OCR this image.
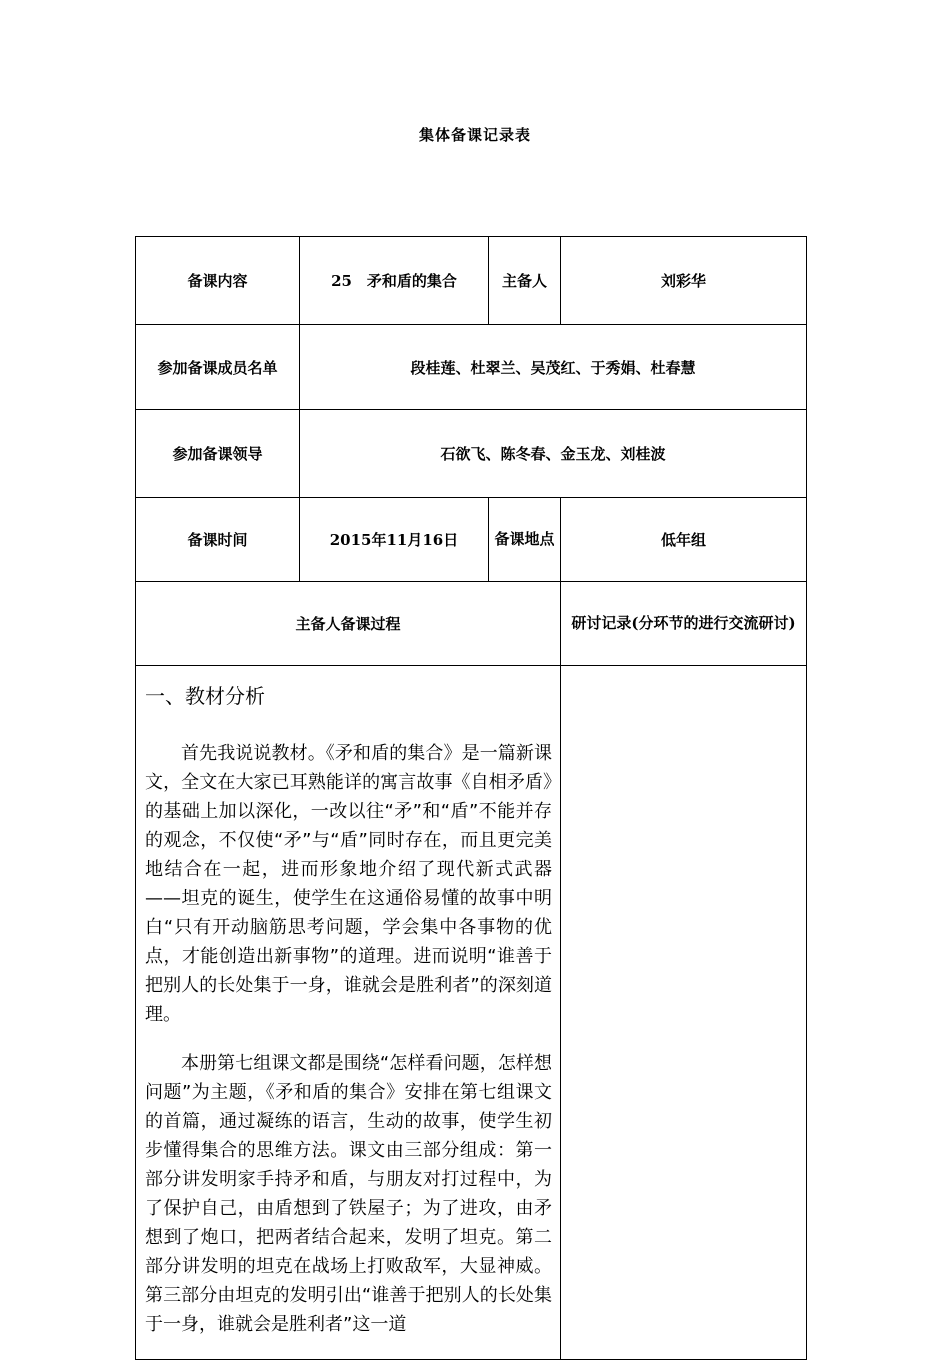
集体备课记录表
备课内容	25　矛和盾的集合	主备人	刘彩华
参加备课成员名单	段桂莲、杜翠兰、吴茂红、于秀娟、杜春慧		
参加备课领导	石欲飞、陈冬春、金玉龙、刘桂波		
备课时间	2015年11月16日	备课地点	低年组
主备人备课过程			研讨记录(分环节的进行交流研讨)

一、教材分析

首先我说说教材。《矛和盾的集合》是一篇新课文，全文在大家已耳熟能详的寓言故事《自相矛盾》的基础上加以深化，一改以往“矛”和“盾”不能并存的观念，不仅使“矛”与“盾”同时存在，而且更完美地结合在一起，进而形象地介绍了现代新式武器——坦克的诞生，使学生在这通俗易懂的故事中明白“只有开动脑筋思考问题，学会集中各事物的优点，才能创造出新事物”的道理。进而说明“谁善于把别人的长处集于一身，谁就会是胜利者”的深刻道理。

本册第七组课文都是围绕“怎样看问题，怎样想问题”为主题，《矛和盾的集合》安排在第七组课文的首篇，通过凝练的语言，生动的故事，使学生初步懂得集合的思维方法。课文由三部分组成：第一部分讲发明家手持矛和盾，与朋友对打过程中，为了保护自己，由盾想到了铁屋子；为了进攻，由矛想到了炮口，把两者结合起来，发明了坦克。第二部分讲发明的坦克在战场上打败敌军，大显神威。第三部分由坦克的发明引出“谁善于把别人的长处集于一身，谁就会是胜利者”这一道			
